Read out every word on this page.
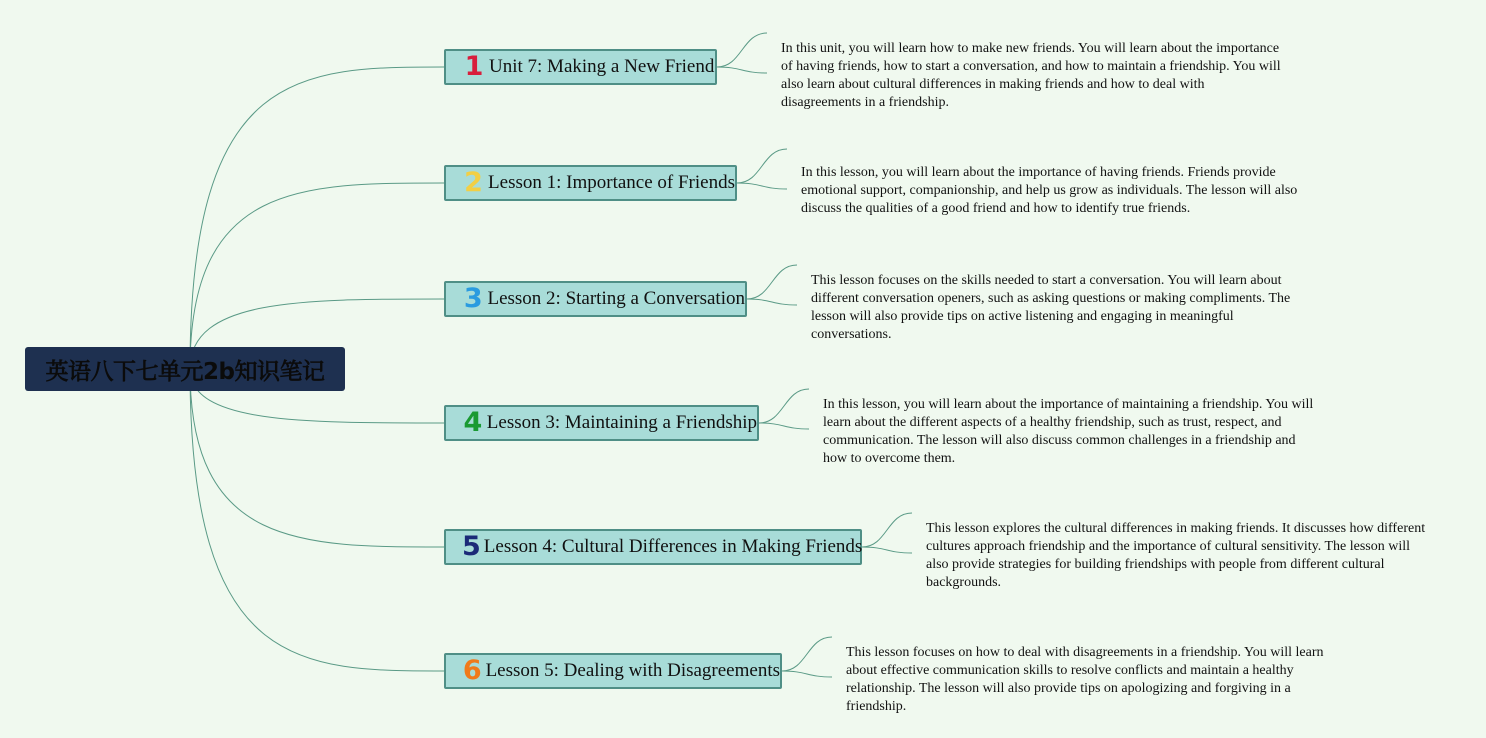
英语八下七单元2b知识笔记
1 Unit 7: Making a New Friend
In this unit, you will learn how to make new friends. You will learn about the importance of having friends, how to start a conversation, and how to maintain a friendship. You will also learn about cultural differences in making friends and how to deal with disagreements in a friendship.
2 Lesson 1: Importance of Friends	In this lesson, you will learn about the importance of having friends. Friends provide emotional support, companionship, and help us grow as individuals. The lesson will also discuss the qualities of a good friend and how to identify true friends.
3 Lesson 2: Starting a Conversation
This lesson focuses on the skills needed to start a conversation. You will learn about different conversation openers, such as asking questions or making compliments. The lesson will also provide tips on active listening and engaging in meaningful conversations.
4 Lesson 3: Maintaining a Friendship
In this lesson, you will learn about the importance of maintaining a friendship. You will learn about the different aspects of a healthy friendship, such as trust, respect, and communication. The lesson will also discuss common challenges in a friendship and how to overcome them.
5 Lesson 4: Cultural Differences in Making Friends
This lesson explores the cultural differences in making friends. It discusses how different cultures approach friendship and the importance of cultural sensitivity. The lesson will also provide strategies for building friendships with people from different cultural backgrounds.
6 Lesson 5: Dealing with Disagreements
This lesson focuses on how to deal with disagreements in a friendship. You will learn about effective communication skills to resolve conflicts and maintain a healthy relationship. The lesson will also provide tips on apologizing and forgiving in a friendship.
